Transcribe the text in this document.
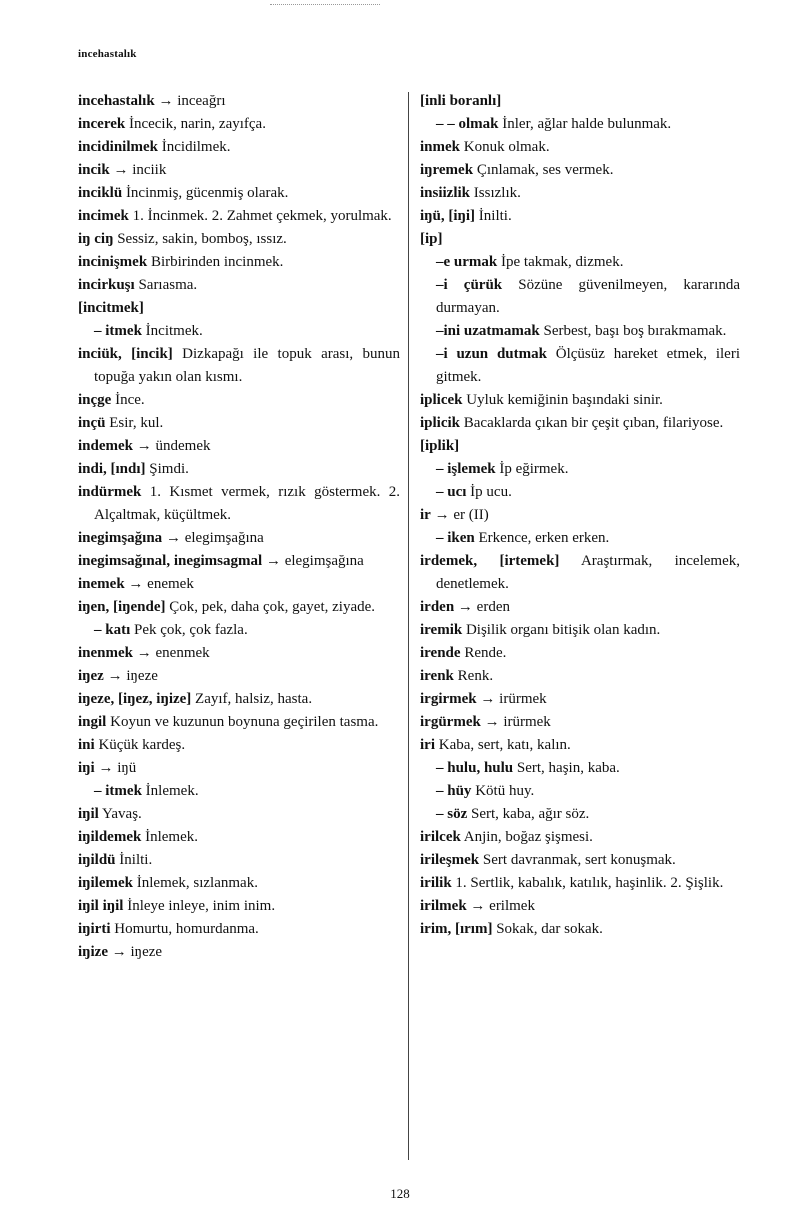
incehastalık

incehastalık → inceağrı

incerek İncecik, narin, zayıfça.

incidinilmek İncidilmek.

incik → inciik

inciklü İncinmiş, gücenmiş olarak.

incimek 1. İncinmek. 2. Zahmet çekmek, yorulmak.

iŋ ciŋ Sessiz, sakin, bomboş, ıssız.

incinişmek Birbirinden incinmek.

incirkuşı Sarıasma.

[incitmek]

– itmek İncitmek.

inciük, [incik] Dizkapağı ile topuk arası, bunun topuğa yakın olan kısmı.

inçge İnce.

inçü Esir, kul.

indemek → ündemek

indi, [ındı] Şimdi.

indürmek 1. Kısmet vermek, rızık göstermek. 2. Alçaltmak, küçültmek.

inegimşağına → elegimşağına

inegimsağınal, inegimsagmal → elegimşağına

inemek → enemek

iŋen, [iŋende] Çok, pek, daha çok, gayet, ziyade.

– katı Pek çok, çok fazla.

inenmek → enenmek

iŋez → iŋeze

iŋeze, [iŋez, iŋize] Zayıf, halsiz, hasta.

ingil Koyun ve kuzunun boynuna geçirilen tasma.

ini Küçük kardeş.

iŋi → iŋü

– itmek İnlemek.

iŋil Yavaş.

iŋildemek İnlemek.

iŋildü İnilti.

iŋilemek İnlemek, sızlanmak.

iŋil iŋil İnleye inleye, inim inim.

iŋirti Homurtu, homurdanma.

iŋize → iŋeze

[inli boranlı]

– – olmak İnler, ağlar halde bulunmak.

inmek Konuk olmak.

iŋremek Çınlamak, ses vermek.

insiizlik Issızlık.

iŋü, [iŋi] İnilti.

[ip]

–e urmak İpe takmak, dizmek.

–i çürük Sözüne güvenilmeyen, kararında durmayan.

–ini uzatmamak Serbest, başı boş bırakmamak.

–i uzun dutmak Ölçüsüz hareket etmek, ileri gitmek.

iplicek Uyluk kemiğinin başındaki sinir.

iplicik Bacaklarda çıkan bir çeşit çıban, filariyose.

[iplik]

– işlemek İp eğirmek.

– ucı İp ucu.

ir → er (II)

– iken Erkence, erken erken.

irdemek, [irtemek] Araştırmak, incelemek, denetlemek.

irden → erden

iremik Dişilik organı bitişik olan kadın.

irende Rende.

irenk Renk.

irgirmek → irürmek

irgürmek → irürmek

iri Kaba, sert, katı, kalın.

– hulu, hulu Sert, haşin, kaba.

– hüy Kötü huy.

– söz Sert, kaba, ağır söz.

irilcek Anjin, boğaz şişmesi.

irileşmek Sert davranmak, sert konuşmak.

irilik 1. Sertlik, kabalık, katılık, haşinlik. 2. Şişlik.

irilmek → erilmek

irim, [ırım] Sokak, dar sokak.

128
